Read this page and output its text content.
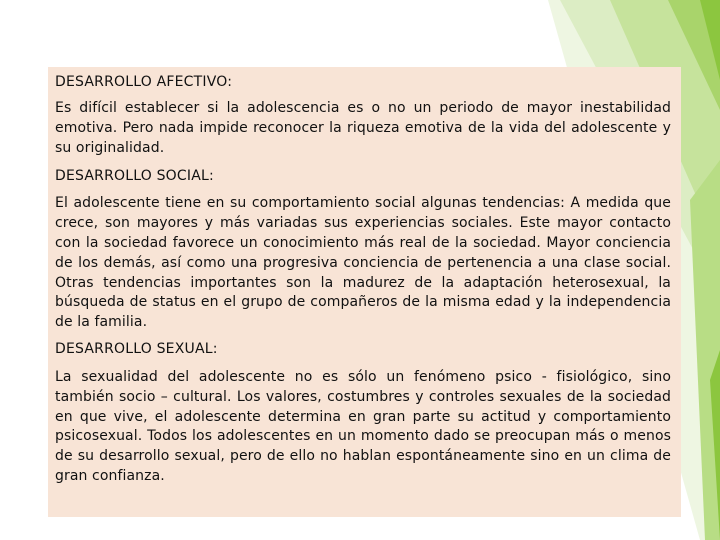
DESARROLLO AFECTIVO:

Es difícil establecer si la adolescencia es o no un periodo de mayor inestabilidad emotiva. Pero nada impide reconocer la riqueza emotiva de la vida del adolescente y su originalidad.

DESARROLLO SOCIAL:

El adolescente tiene en su comportamiento social algunas tendencias: A medida que crece, son mayores y más variadas sus experiencias sociales. Este mayor contacto con la sociedad favorece un conocimiento más real de la sociedad. Mayor conciencia de los demás, así como una progresiva conciencia de pertenencia a una clase social. Otras tendencias importantes son la madurez de la adaptación heterosexual, la búsqueda de status en el grupo de compañeros de la misma edad y la independencia de la familia.

DESARROLLO SEXUAL:

La sexualidad del adolescente no es sólo un fenómeno psico - fisiológico, sino también socio – cultural. Los valores, costumbres y controles sexuales de la sociedad en que vive, el adolescente determina en gran parte su actitud y comportamiento psicosexual. Todos los adolescentes en un momento dado se preocupan más o menos de su desarrollo sexual, pero de ello no hablan espontáneamente sino en un clima de gran confianza.
